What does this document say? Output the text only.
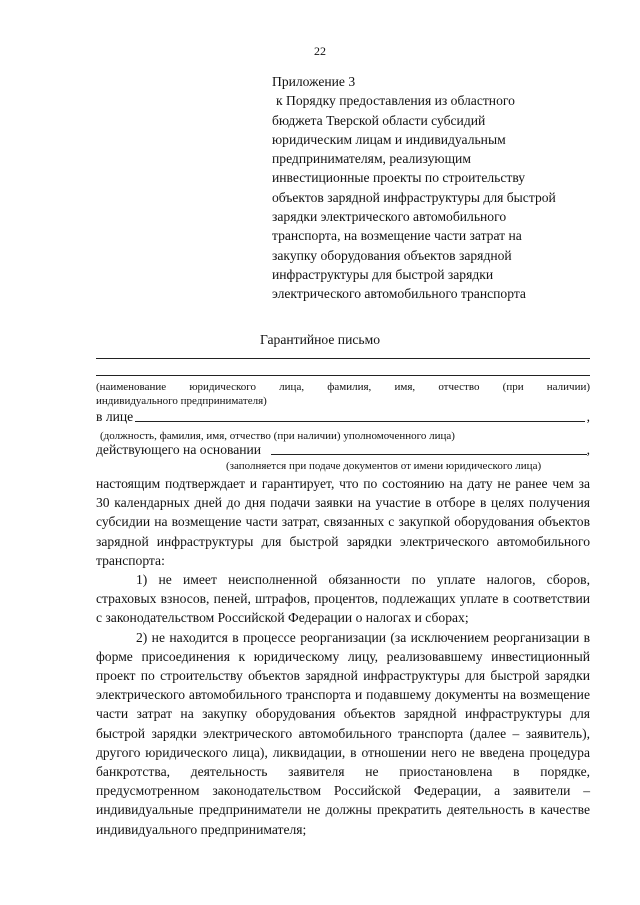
22
Приложение 3
к Порядку предоставления из областного
бюджета Тверской области субсидий
юридическим лицам и индивидуальным
предпринимателям, реализующим
инвестиционные проекты по строительству
объектов зарядной инфраструктуры для быстрой
зарядки электрического автомобильного
транспорта, на возмещение части затрат на
закупку оборудования объектов зарядной
инфраструктуры для быстрой зарядки
электрического автомобильного транспорта
Гарантийное письмо
(наименование юридического лица, фамилия, имя, отчество (при наличии)
индивидуального предпринимателя)
в лице	,
(должность, фамилия, имя, отчество (при наличии) уполномоченного лица)
действующего на основании	,
(заполняется при подаче документов от имени юридического лица)

настоящим подтверждает и гарантирует, что по состоянию на дату не ранее чем за 30 календарных дней до дня подачи заявки на участие в отборе в целях получения субсидии на возмещение части затрат, связанных с закупкой оборудования объектов зарядной инфраструктуры для быстрой зарядки электрического автомобильного транспорта:

1) не имеет неисполненной обязанности по уплате налогов, сборов, страховых взносов, пеней, штрафов, процентов, подлежащих уплате в соответствии с законодательством Российской Федерации о налогах и сборах;

2) не находится в процессе реорганизации (за исключением реорганизации в форме присоединения к юридическому лицу, реализовавшему инвестиционный проект по строительству объектов зарядной инфраструктуры для быстрой зарядки электрического автомобильного транспорта и подавшему документы на возмещение части затрат на закупку оборудования объектов зарядной инфраструктуры для быстрой зарядки электрического автомобильного транспорта (далее – заявитель), другого юридического лица), ликвидации, в отношении него не введена процедура банкротства, деятельность заявителя не приостановлена в порядке, предусмотренном законодательством Российской Федерации, а заявители – индивидуальные предприниматели не должны прекратить деятельность в качестве индивидуального предпринимателя;
